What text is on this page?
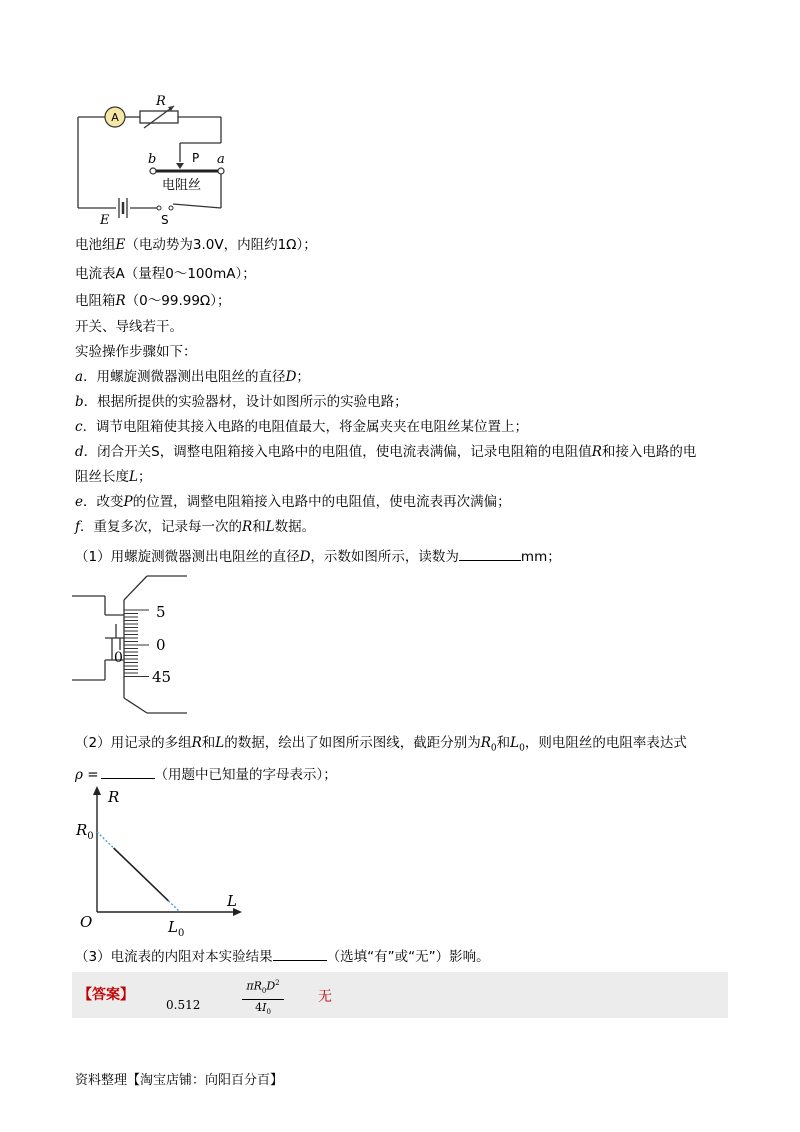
A
R
b	P a
电阻丝
E	S
电池组E（电动势为3.0V，内阻约1Ω）；
电流表A（量程0～100mA）；
电阻箱R（0～99.99Ω）；
开关、导线若干。
实验操作步骤如下：
a．用螺旋测微器测出电阻丝的直径D；
b．根据所提供的实验器材，设计如图所示的实验电路；
c．调节电阻箱使其接入电路的电阻值最大，将金属夹夹在电阻丝某位置上；
d．闭合开关S，调整电阻箱接入电路中的电阻值，使电流表满偏，记录电阻箱的电阻值R和接入电路的电
阻丝长度L；
e．改变P的位置，调整电阻箱接入电路中的电阻值，使电流表再次满偏；
f．重复多次，记录每一次的R和L数据。
（1）用螺旋测微器测出电阻丝的直径D，示数如图所示，读数为	mm；
5
0
45
0
（2）用记录的多组R和L的数据，绘出了如图所示图线，截距分别为$R_0$和$L_0$，则电阻丝的电阻率表达式
ρ =	（用题中已知量的字母表示）；
R
L
O
$R_0$
$L_0$
（3）电流表的内阻对本实验结果	（选填“有”或“无”）影响。
【答案】
0.512
$\pi R_0D^2$
$4I_0$
无
资料整理【淘宝店铺：向阳百分百】
